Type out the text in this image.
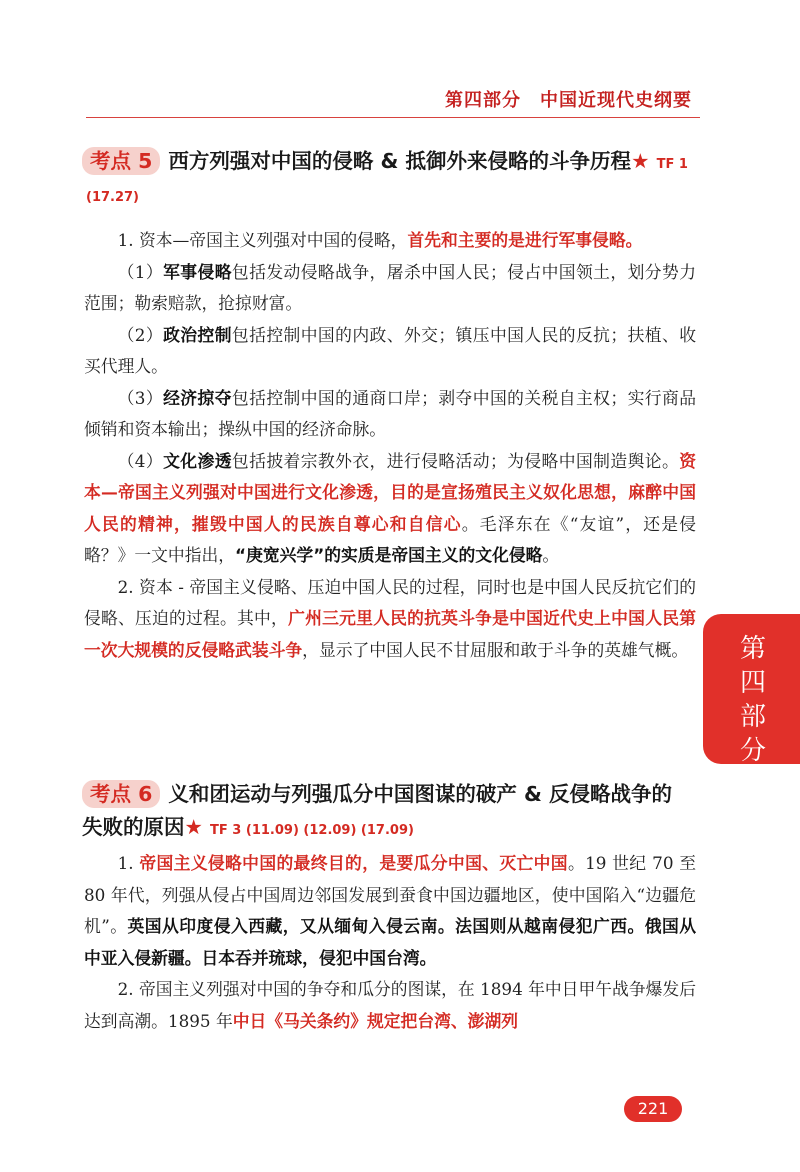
第四部分　中国近现代史纲要
考点 5 西方列强对中国的侵略 & 抵御外来侵略的斗争历程★ TF 1
(17.27)

1. 资本—帝国主义列强对中国的侵略，首先和主要的是进行军事侵略。

（1）军事侵略包括发动侵略战争，屠杀中国人民；侵占中国领土，划分势力范围；勒索赔款，抢掠财富。

（2）政治控制包括控制中国的内政、外交；镇压中国人民的反抗；扶植、收买代理人。

（3）经济掠夺包括控制中国的通商口岸；剥夺中国的关税自主权；实行商品倾销和资本输出；操纵中国的经济命脉。

（4）文化渗透包括披着宗教外衣，进行侵略活动；为侵略中国制造舆论。资本—帝国主义列强对中国进行文化渗透，目的是宣扬殖民主义奴化思想，麻醉中国人民的精神，摧毁中国人的民族自尊心和自信心。毛泽东在《“友谊”，还是侵略？》一文中指出，“庚宽兴学”的实质是帝国主义的文化侵略。

2. 资本 - 帝国主义侵略、压迫中国人民的过程，同时也是中国人民反抗它们的侵略、压迫的过程。其中，广州三元里人民的抗英斗争是中国近代史上中国人民第一次大规模的反侵略武装斗争，显示了中国人民不甘屈服和敢于斗争的英雄气概。

考点 6 义和团运动与列强瓜分中国图谋的破产 & 反侵略战争的
失败的原因★ TF 3 (11.09) (12.09) (17.09)

1. 帝国主义侵略中国的最终目的，是要瓜分中国、灭亡中国。19 世纪 70 至 80 年代，列强从侵占中国周边邻国发展到蚕食中国边疆地区，使中国陷入“边疆危机”。英国从印度侵入西藏，又从缅甸入侵云南。法国则从越南侵犯广西。俄国从中亚入侵新疆。日本吞并琉球，侵犯中国台湾。

2. 帝国主义列强对中国的争夺和瓜分的图谋，在 1894 年中日甲午战争爆发后达到高潮。1895 年中日《马关条约》规定把台湾、澎湖列

第四部分
221
